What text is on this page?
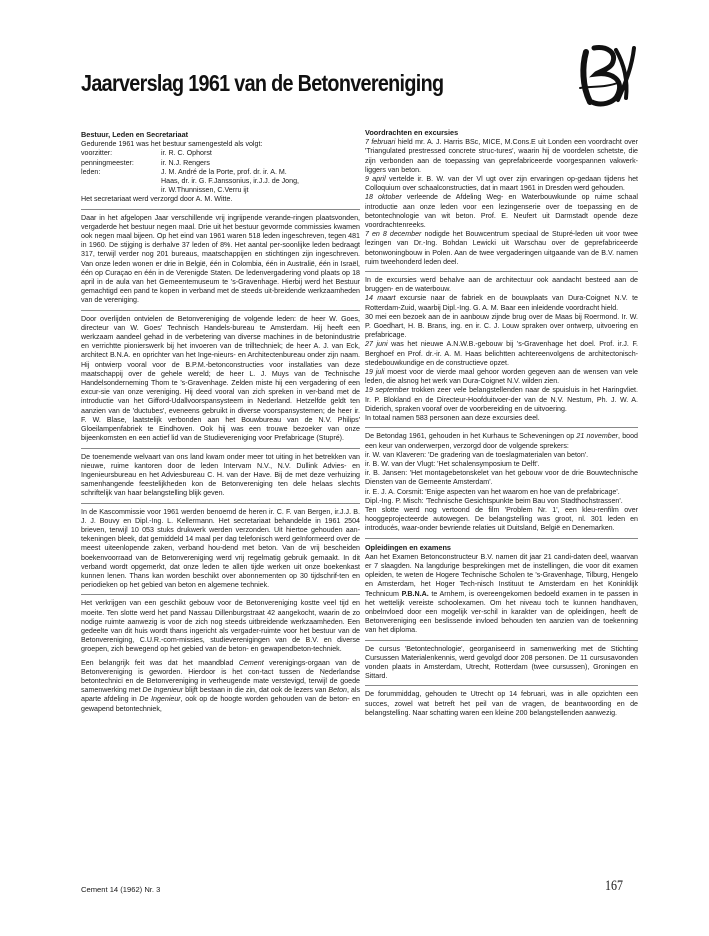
Jaarverslag 1961 van de Betonvereniging
Bestuur, Leden en Secretariaat
Gedurende 1961 was het bestuur samengesteld als volgt:
voorzitter:	ir. R. C. Ophorst
penningmeester:	ir. N.J. Rengers
leden:	J. M. André de la Porte, prof. dr. ir. A. M.
Haas, dr. ir. G. F.Janssonius, ir.J.J. de Jong,
ir. W.Thunnissen, C.Verru ijt
Het secretariaat werd verzorgd door A. M. Witte.
Daar in het afgelopen Jaar verschillende vrij ingrijpende verande-ringen plaatsvonden, vergaderde het bestuur negen maal. Drie uit het bestuur gevormde commissies kwamen ook negen maal bijeen. Op het eind van 1961 waren 518 leden ingeschreven, tegen 481 in 1960. De stijging is derhalve 37 leden of 8%. Het aantal per-soonlijke leden bedraagt 317, terwijl verder nog 201 bureaus, maatschappijen en stichtingen zijn ingeschreven. Van onze leden wonen er drie in België, één in Colombia, één in Australië, één in Israël, één op Curaçao en één in de Verenigde Staten. De ledenvergadering vond plaats op 18 april in de aula van het Gemeentemuseum te 's-Gravenhage. Hierbij werd het Bestuur gemachtigd een pand te kopen in verband met de steeds uit-breidende werkzaamheden van de vereniging.
Door overlijden ontvielen de Betonvereniging de volgende leden: de heer W. Goes, directeur van W. Goes' Technisch Handels-bureau te Amsterdam. Hij heeft een werkzaam aandeel gehad in de verbetering van diverse machines in de betonindustrie en verrichtte pionierswerk bij het invoeren van de trilltechniek; de heer A. J. van Eck, architect B.N.A. en oprichter van het Inge-nieurs- en Architectenbureau onder zijn naam. Hij ontwierp vooral voor de B.P.M.-betonconstructies voor installaties van deze maatschappij over de gehele wereld; de heer L. J. Muys van de Technische Handelsonderneming Thom te 's-Gravenhage. Zelden miste hij een vergadering of een excur-sie van onze vereniging. Hij deed vooral van zich spreken in ver-band met de introductie van het Gifford-Udallvoorspansysteem in Nederland. Hetzelfde geldt ten aanzien van de 'ductubes', eveneens gebruikt in diverse voorspansystemen; de heer ir. F. W. Blase, laatstelijk verbonden aan het Bouwbureau van de N.V. Philips' Gloeilampenfabriek te Eindhoven. Ook hij was een trouwe bezoeker van onze bijeenkomsten en een actief lid van de Studievereniging voor Prefabricage (Stupré).
De toenemende welvaart van ons land kwam onder meer tot uiting in het betrekken van nieuwe, ruime kantoren door de leden Intervam N.V., N.V. Dullink Advies- en Ingenieursbureau en het Adviesbureau C. H. van der Have. Bij de met deze verhuizing samenhangende feestelijkheden kon de Betonvereniging ten dele helaas slechts schriftelijk van haar belangstelling blijk geven.
In de Kascommissie voor 1961 werden benoemd de heren ir. C. F. van Bergen, ir.J.J. B. J. J. Bouvy en Dipl.-Ing. L. Kellermann. Het secretariaat behandelde in 1961 2504 brieven, terwijl 10 053 stuks drukwerk werden verzonden. Uit hiertoe gehouden aan-tekeningen bleek, dat gemiddeld 14 maal per dag telefonisch werd geïnformeerd over de meest uiteenlopende zaken, verband hou-dend met beton. Van de vrij bescheiden boekenvoorraad van de Betonvereniging werd vrij regelmatig gebruik gemaakt. In dit verband wordt opgemerkt, dat onze leden te allen tijde werken uit onze boekenkast kunnen lenen. Thans kan worden beschikt over abonnementen op 30 tijdschrif-ten en periodieken op het gebied van beton en algemene techniek.
Het verkrijgen van een geschikt gebouw voor de Betonvereniging kostte veel tijd en moeite. Ten slotte werd het pand Nassau Dillenburgstraat 42 aangekocht, waarin de zo nodige ruimte aanwezig is voor de zich nog steeds uitbreidende werkzaamheden. Een gedeelte van dit huis wordt thans ingericht als vergader-ruimte voor het bestuur van de Betonvereniging, C.U.R.-com-missies, studieverenigingen van de B.V. en diverse groepen, zich bewegend op het gebied van de beton- en gewapendbeton-techniek.
Een belangrijk feit was dat het maandblad Cement verenigings-orgaan van de Betonvereniging is geworden. Hierdoor is het con-tact tussen de Nederlandse betontechnici en de Betonvereniging in verheugende mate verstevigd, terwijl de goede samenwerking met De Ingenieur blijft bestaan in die zin, dat ook de lezers van Beton, als aparte afdeling in De Ingenieur, ook op de hoogte worden gehouden van de beton- en gewapend betontechniek,
Voordrachten en excursies
7 februari hield mr. A. J. Harris BSc, MICE, M.Cons.E uit Londen een voordracht over 'Triangulated prestressed concrete struc-tures', waarin hij de voordelen schetste, die zijn verbonden aan de toepassing van geprefabriceerde voorgespannen vakwerk-liggers van beton.
9 april vertelde ir. B. W. van der Vl ugt over zijn ervaringen op-gedaan tijdens het Colloquium over schaalconstructies, dat in maart 1961 in Dresden werd gehouden.
18 oktober verleende de Afdeling Weg- en Waterbouwkunde op ruime schaal introductie aan onze leden voor een lezingenserie over de toepassing en de betontechnologie van wit beton. Prof. E. Neufert uit Darmstadt opende deze voordrachtenreeks.
7 en 8 december nodigde het Bouwcentrum speciaal de Stupré-leden uit voor twee lezingen van Dr.-Ing. Bohdan Lewicki uit Warschau over de geprefabriceerde betonwoningbouw in Polen. Aan de twee vergaderingen uitgaande van de B.V. namen ruim tweehonderd leden deel.
In de excursies werd behalve aan de architectuur ook aandacht besteed aan de bruggen- en de waterbouw.
14 maart excursie naar de fabriek en de bouwplaats van Dura-Coignet N.V. te Rotterdam-Zuid, waarbij Dipl.-Ing. G. A. M. Baar een inleidende voordracht hield.
30 mei een bezoek aan de in aanbouw zijnde brug over de Maas bij Roermond. Ir. W. P. Goedhart, H. B. Brans, ing. en ir. C. J. Louw spraken over ontwerp, uitvoering en prefabricage.
27 juni was het nieuwe A.N.W.B.-gebouw bij 's-Gravenhage het doel. Prof. ir.J. F. Berghoef en Prof. dr.-ir. A. M. Haas belichtten achtereenvolgens de architectonisch-stedebouwkundige en de constructieve opzet.
19 juli moest voor de vierde maal gehoor worden gegeven aan de wensen van vele leden, die alsnog het werk van Dura-Coignet N.V. wilden zien.
19 september trokken zeer vele belangstellenden naar de spuisluis in het Haringvliet. Ir. P. Blokland en de Directeur-Hoofduitvoer-der van de N.V. Nestum, Ph. J. W. A. Diderich, spraken vooraf over de voorbereiding en de uitvoering.
In totaal namen 583 personen aan deze excursies deel.
De Betondag 1961, gehouden in het Kurhaus te Scheveningen op 21 november, bood een keur van onderwerpen, verzorgd door de volgende sprekers:
ir. W. van Klaveren: 'De gradering van de toeslagmaterialen van beton'.
ir. B. W. van der Vlugt: 'Het schalensymposium te Delft'.
ir. B. Jansen: 'Het montagebetonskelet van het gebouw voor de drie Bouwtechnische Diensten van de Gemeente Amsterdam'.
ir. E. J. A. Corsmit: 'Enige aspecten van het waarom en hoe van de prefabricage'.
Dipl.-Ing. P. Misch: 'Technische Gesichtspunkte beim Bau von Stadthochstrassen'.
Ten slotte werd nog vertoond de film 'Problem Nr. 1', een kleu-renfilm over hooggeprojecteerde autowegen. De belangstelling was groot, nl. 301 leden en introducés, waar-onder bevriende relaties uit Duitsland, België en Denemarken.
Opleidingen en examens
Aan het Examen Betonconstructeur B.V. namen dit jaar 21 candi-daten deel, waarvan er 7 slaagden. Na langdurige besprekingen met de instellingen, die voor dit examen opleiden, te weten de Hogere Technische Scholen te 's-Gravenhage, Tilburg, Hengelo en Amsterdam, het Hoger Tech-nisch Instituut te Amsterdam en het Koninklijk Technicum P.B.N.A. te Arnhem, is overeengekomen bedoeld examen in te passen in het wettelijk vereiste schoolexamen. Om het niveau toch te kunnen handhaven, onbelnvloed door een mogelijk ver-schil in karakter van de opleidingen, heeft de Betonvereniging een beslissende invloed behouden ten aanzien van de toekenning van het diploma.
De cursus 'Betontechnologie', georganiseerd in samenwerking met de Stichting Cursussen Materialenkennis, werd gevolgd door 208 personen. De 11 cursusavonden vonden plaats in Amsterdam, Utrecht, Rotterdam (twee cursussen), Groningen en Sittard.
De forummiddag, gehouden te Utrecht op 14 februari, was in alle opzichten een succes, zowel wat betreft het peil van de vragen, de beantwoording en de belangstelling. Naar schatting waren een kleine 200 belangstellenden aanwezig.
Cement 14 (1962) Nr. 3	167
